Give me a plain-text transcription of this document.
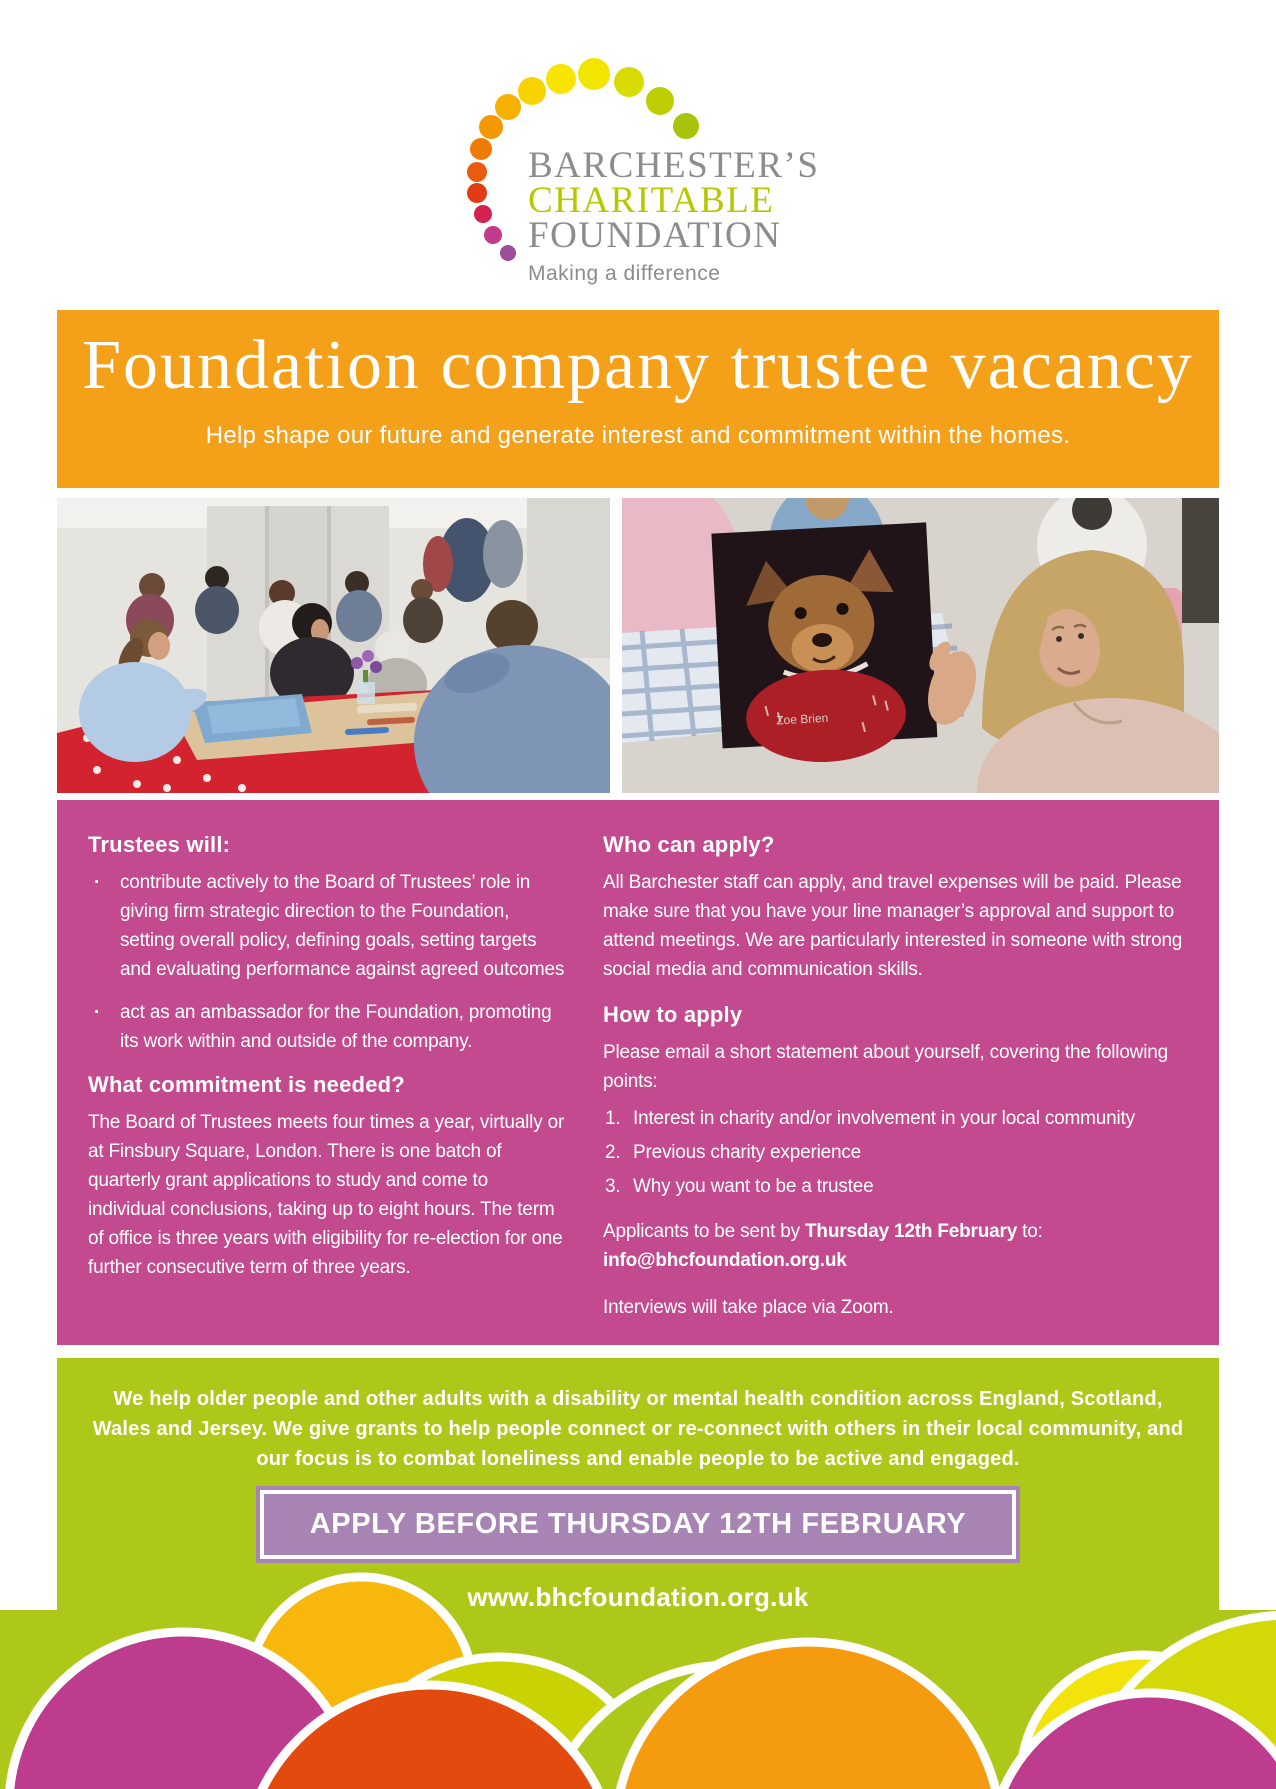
BARCHESTER’S
CHARITABLE
FOUNDATION
Making a difference
Foundation company trustee vacancy
Help shape our future and generate interest and commitment within the homes.
Zoe Brien
Trustees will:
· contribute actively to the Board of Trustees’ role in giving firm strategic direction to the Foundation, setting overall policy, defining goals, setting targets and evaluating performance against agreed outcomes
· act as an ambassador for the Foundation, promoting its work within and outside of the company.
What commitment is needed?
The Board of Trustees meets four times a year, virtually or at Finsbury Square, London. There is one batch of quarterly grant applications to study and come to individual conclusions, taking up to eight hours. The term of office is three years with eligibility for re-election for one further consecutive term of three years.
Who can apply?
All Barchester staff can apply, and travel expenses will be paid. Please make sure that you have your line manager’s approval and support to attend meetings. We are particularly interested in someone with strong social media and communication skills.
How to apply
Please email a short statement about yourself, covering the following points:
1. Interest in charity and/or involvement in your local community
2. Previous charity experience
3. Why you want to be a trustee
Applicants to be sent by Thursday 12th February to:
info@bhcfoundation.org.uk
Interviews will take place via Zoom.
We help older people and other adults with a disability or mental health condition across England, Scotland, Wales and Jersey. We give grants to help people connect or re-connect with others in their local community, and our focus is to combat loneliness and enable people to be active and engaged.
APPLY BEFORE THURSDAY 12TH FEBRUARY
www.bhcfoundation.org.uk
